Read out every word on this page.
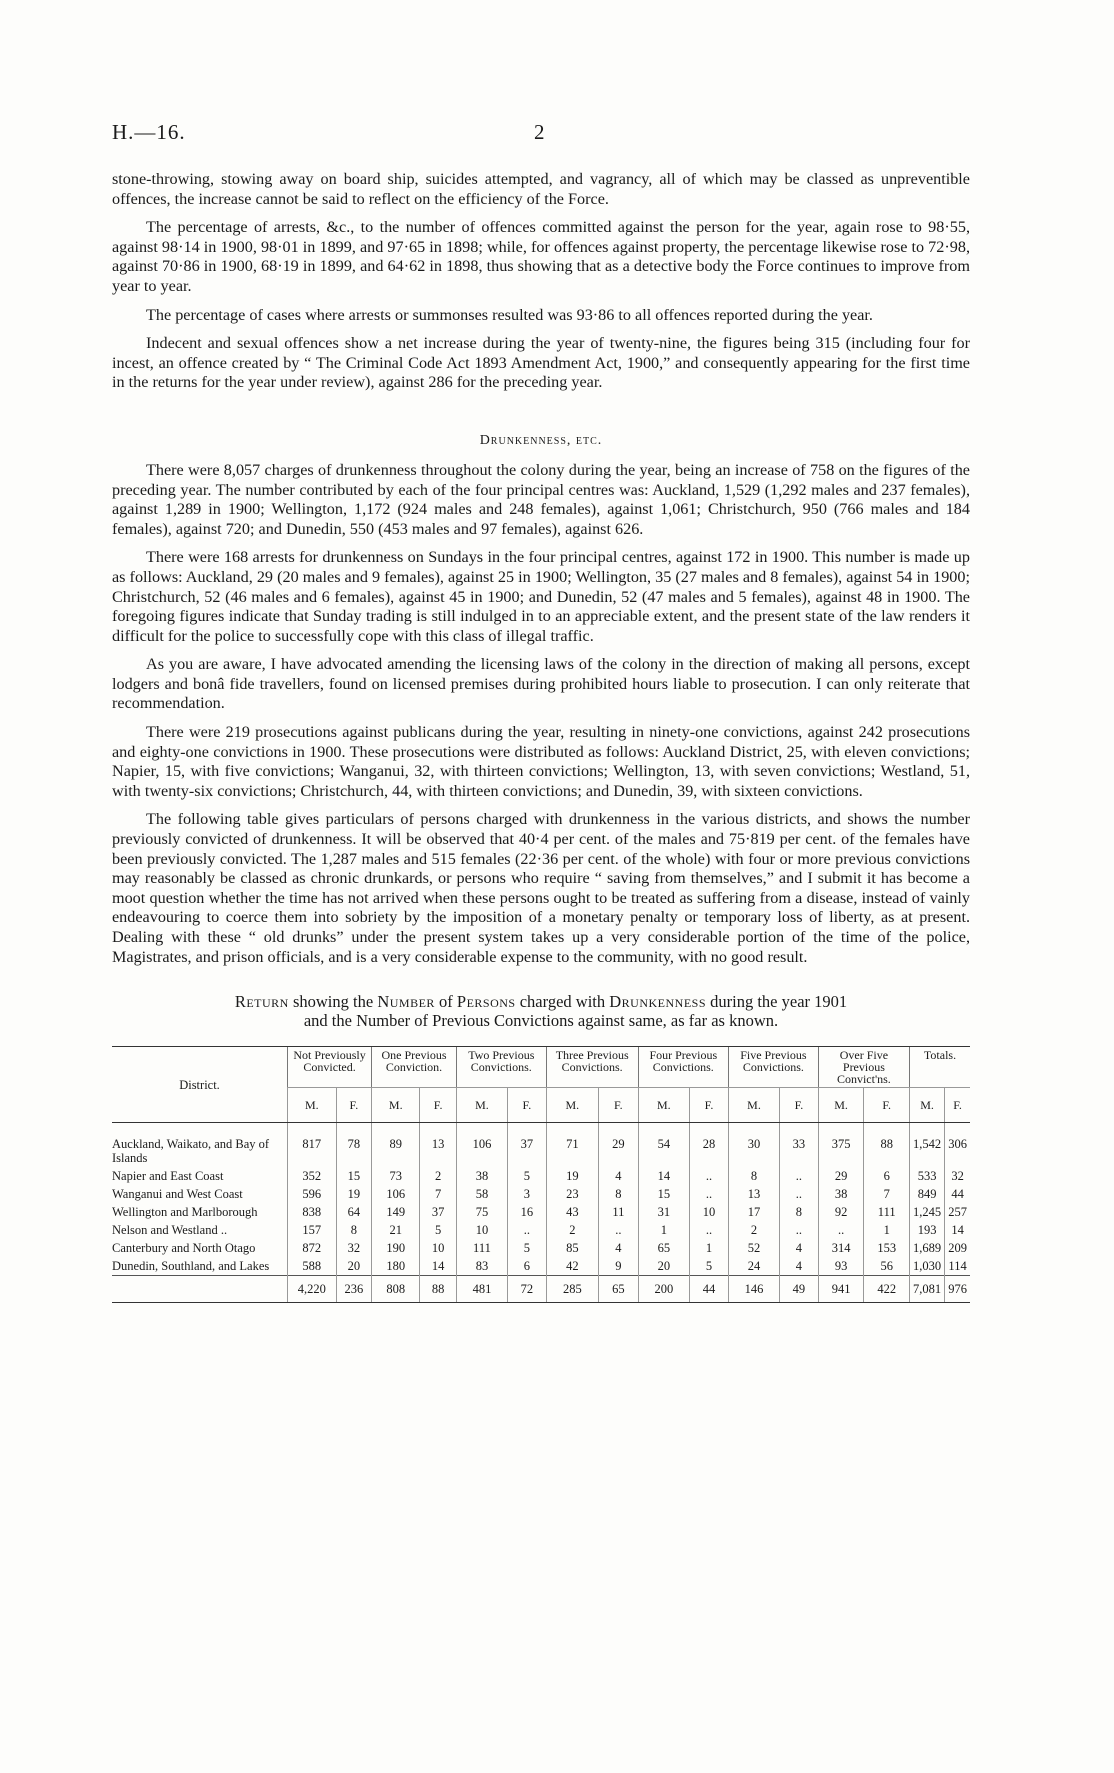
H.—16.	2

stone-throwing, stowing away on board ship, suicides attempted, and vagrancy, all of which may be classed as unpreventible offences, the increase cannot be said to reflect on the efficiency of the Force.

The percentage of arrests, &c., to the number of offences committed against the person for the year, again rose to 98·55, against 98·14 in 1900, 98·01 in 1899, and 97·65 in 1898; while, for offences against property, the percentage likewise rose to 72·98, against 70·86 in 1900, 68·19 in 1899, and 64·62 in 1898, thus showing that as a detective body the Force continues to improve from year to year.

The percentage of cases where arrests or summonses resulted was 93·86 to all offences reported during the year.

Indecent and sexual offences show a net increase during the year of twenty-nine, the figures being 315 (including four for incest, an offence created by “ The Criminal Code Act 1893 Amendment Act, 1900,” and consequently appearing for the first time in the returns for the year under review), against 286 for the preceding year.

Drunkenness, etc.

There were 8,057 charges of drunkenness throughout the colony during the year, being an increase of 758 on the figures of the preceding year. The number contributed by each of the four principal centres was: Auckland, 1,529 (1,292 males and 237 females), against 1,289 in 1900; Wellington, 1,172 (924 males and 248 females), against 1,061; Christchurch, 950 (766 males and 184 females), against 720; and Dunedin, 550 (453 males and 97 females), against 626.

There were 168 arrests for drunkenness on Sundays in the four principal centres, against 172 in 1900. This number is made up as follows: Auckland, 29 (20 males and 9 females), against 25 in 1900; Wellington, 35 (27 males and 8 females), against 54 in 1900; Christchurch, 52 (46 males and 6 females), against 45 in 1900; and Dunedin, 52 (47 males and 5 females), against 48 in 1900. The foregoing figures indicate that Sunday trading is still indulged in to an appreciable extent, and the present state of the law renders it difficult for the police to successfully cope with this class of illegal traffic.

As you are aware, I have advocated amending the licensing laws of the colony in the direction of making all persons, except lodgers and bonâ fide travellers, found on licensed premises during prohibited hours liable to prosecution. I can only reiterate that recommendation.

There were 219 prosecutions against publicans during the year, resulting in ninety-one convictions, against 242 prosecutions and eighty-one convictions in 1900. These prosecutions were distributed as follows: Auckland District, 25, with eleven convictions; Napier, 15, with five convictions; Wanganui, 32, with thirteen convictions; Wellington, 13, with seven convictions; Westland, 51, with twenty-six convictions; Christchurch, 44, with thirteen convictions; and Dunedin, 39, with sixteen convictions.

The following table gives particulars of persons charged with drunkenness in the various districts, and shows the number previously convicted of drunkenness. It will be observed that 40·4 per cent. of the males and 75·819 per cent. of the females have been previously convicted. The 1,287 males and 515 females (22·36 per cent. of the whole) with four or more previous convictions may reasonably be classed as chronic drunkards, or persons who require “ saving from themselves,” and I submit it has become a moot question whether the time has not arrived when these persons ought to be treated as suffering from a disease, instead of vainly endeavouring to coerce them into sobriety by the imposition of a monetary penalty or temporary loss of liberty, as at present. Dealing with these “ old drunks” under the present system takes up a very considerable portion of the time of the police, Magistrates, and prison officials, and is a very considerable expense to the community, with no good result.

Return showing the Number of Persons charged with Drunkenness during the year 1901
and the Number of Previous Convictions against same, as far as known.
District.	Not Previously Convicted.		One Previous Conviction.		Two Previous Convictions.		Three Previous Convictions.		Four Previous Convictions.		Five Previous Convictions.		Over Five Previous Convict'ns.		Totals.	
	M.	F.	M.	F.	M.	F.	M.	F.	M.	F.	M.	F.	M.	F.	M.	F.
Auckland, Waikato, and Bay of Islands	817	78	89	13	106	37	71	29	54	28	30	33	375	88	1,542	306
Napier and East Coast	352	15	73	2	38	5	19	4	14	..	8	..	29	6	533	32
Wanganui and West Coast	596	19	106	7	58	3	23	8	15	..	13	..	38	7	849	44
Wellington and Marlborough	838	64	149	37	75	16	43	11	31	10	17	8	92	111	1,245	257
Nelson and Westland ..	157	8	21	5	10	..	2	..	1	..	2	..	..	1	193	14
Canterbury and North Otago	872	32	190	10	111	5	85	4	65	1	52	4	314	153	1,689	209
Dunedin, Southland, and Lakes	588	20	180	14	83	6	42	9	20	5	24	4	93	56	1,030	114
	4,220	236	808	88	481	72	285	65	200	44	146	49	941	422	7,081	976
